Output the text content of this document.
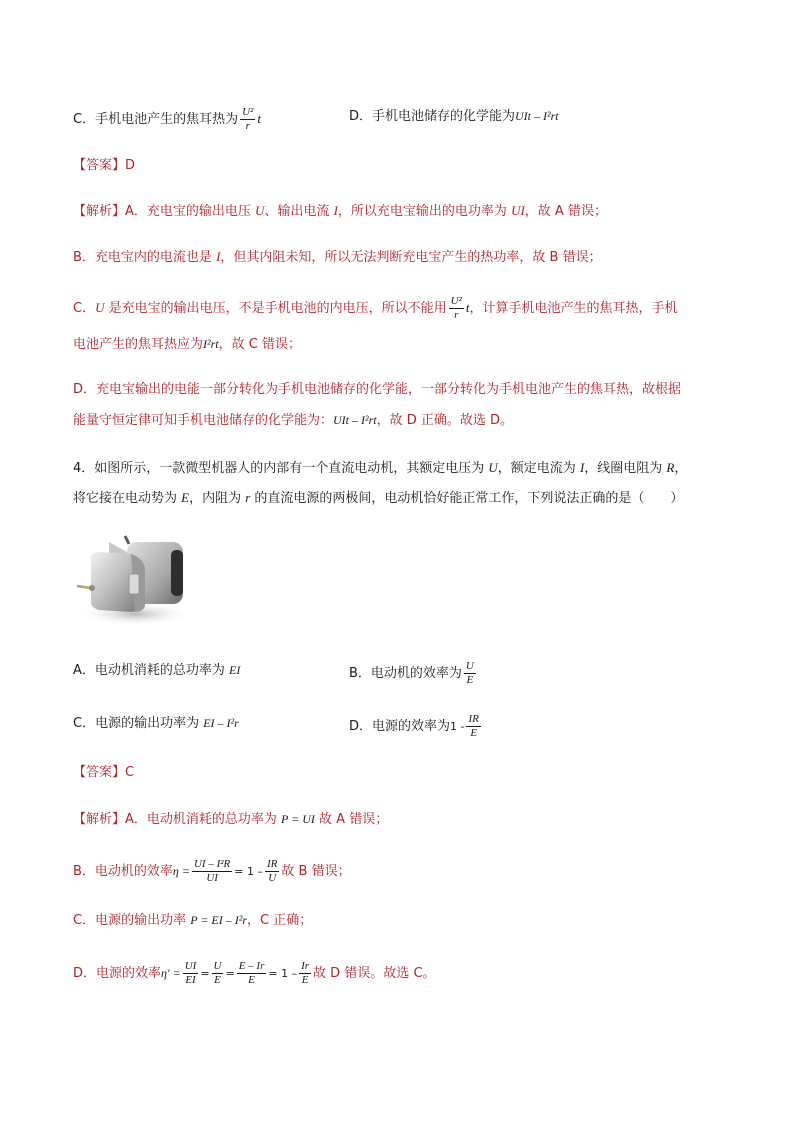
C．手机电池产生的焦耳热为 $\frac{\text{U²}}{r}$ t	D．手机电池储存的化学能为UIt – I²rt
【答案】D
【解析】A．充电宝的输出电压 U、输出电流 I，所以充电宝输出的电功率为 UI，故 A 错误；
B．充电宝内的电流也是 I，但其内阻未知，所以无法判断充电宝产生的热功率，故 B 错误；
C．U 是充电宝的输出电压，不是手机电池的内电压，所以不能用 $\frac{\text{U²}}{r}$ t，计算手机电池产生的焦耳热，手机
电池产生的焦耳热应为I²rt，故 C 错误；
D．充电宝输出的电能一部分转化为手机电池储存的化学能，一部分转化为手机电池产生的焦耳热，故根据
能量守恒定律可知手机电池储存的化学能为：UIt – I²rt，故 D 正确。故选 D。
4．如图所示，一款微型机器人的内部有一个直流电动机，其额定电压为 U，额定电流为 I，线圈电阻为 R，
将它接在电动势为 E，内阻为 r 的直流电源的两极间，电动机恰好能正常工作，下列说法正确的是（　　）
A．电动机消耗的总功率为 EI	B．电动机的效率为 $\frac{U}{E}$
C．电源的输出功率为 EI – I²r	D．电源的效率为$1 - \frac{IR}{E}$
【答案】C
【解析】A．电动机消耗的总功率为 P = UI 故 A 错误；
B．电动机的效率$\eta = \frac{\text{UI – I²R}}{UI} = 1 - \frac{IR}{U}$ 故 B 错误；
C．电源的输出功率 P = EI – I²r，C 正确；
D．电源的效率$\eta' = \frac{UI}{EI} = \frac{U}{E} = \frac{E - Ir}{E} = 1 - \frac{Ir}{E}$ 故 D 错误。故选 C。
